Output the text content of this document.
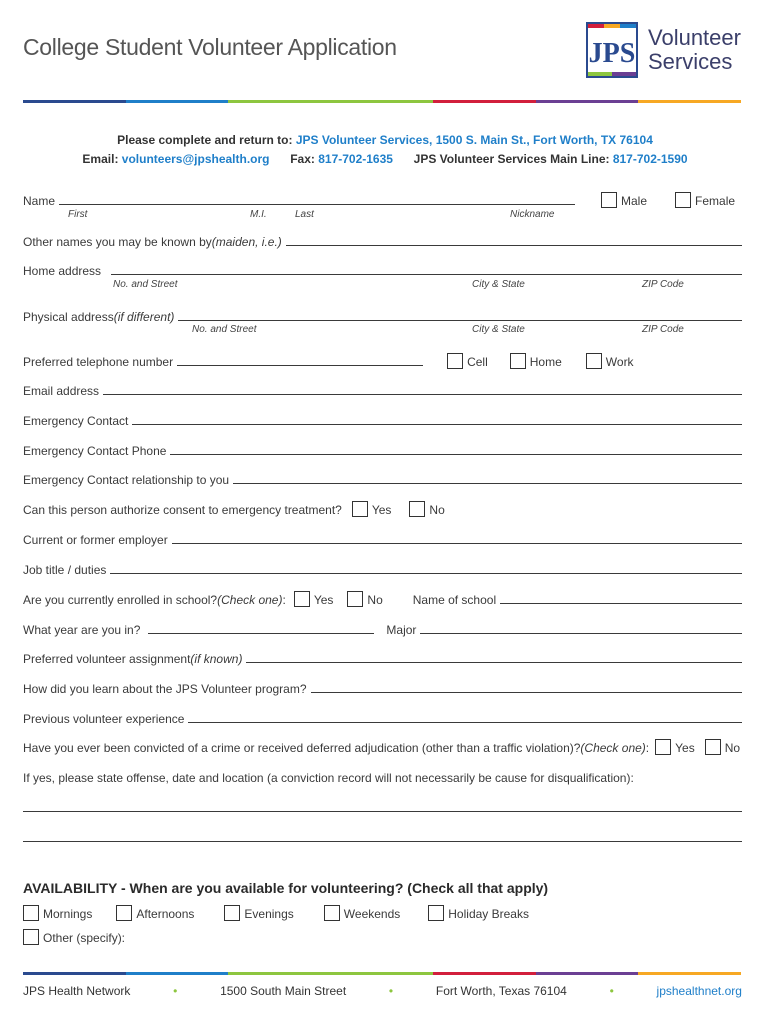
College Student Volunteer Application	JPS
Volunteer
Services
Please complete and return to: JPS Volunteer Services, 1500 S. Main St., Fort Worth, TX 76104
Email: volunteers@jpshealth.org Fax: 817-702-1635 JPS Volunteer Services Main Line: 817-702-1590
Name	Male	Female
First	M.I.	Last	Nickname
Other names you may be known by (maiden, i.e.)
Home address
No. and Street	City & State	ZIP Code
Physical address (if different)
No. and Street	City & State	ZIP Code
Preferred telephone number	Cell	Home	Work
Email address
Emergency Contact
Emergency Contact Phone
Emergency Contact relationship to you
Can this person authorize consent to emergency treatment?	Yes	No
Current or former employer
Job title / duties
Are you currently enrolled in school? (Check one) : Yes	No	Name of school
What year are you in?	Major
Preferred volunteer assignment (if known)
How did you learn about the JPS Volunteer program?
Previous volunteer experience
Have you ever been convicted of a crime or received deferred adjudication (other than a traffic violation)? (Check one) : Yes	No
If yes, please state offense, date and location (a conviction record will not necessarily be cause for disqualification):
AVAILABILITY - When are you available for volunteering? (Check all that apply)
Mornings	Afternoons	Evenings	Weekends	Holiday Breaks
Other (specify):
JPS Health Network	•	1500 South Main Street	•	Fort Worth, Texas 76104	•	jpshealthnet.org
